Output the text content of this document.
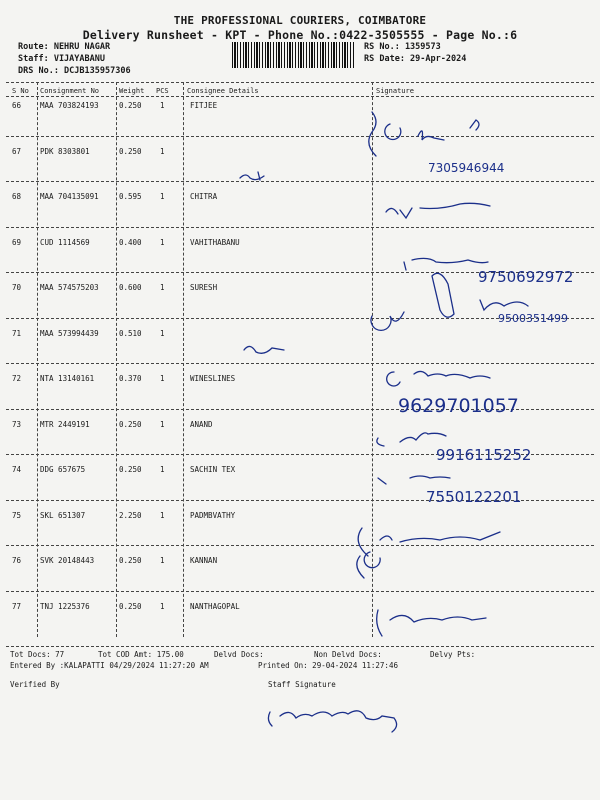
THE PROFESSIONAL COURIERS, COIMBATORE
Delivery Runsheet - KPT - Phone No.:0422-3505555 - Page No.:6
Route: NEHRU NAGAR
Staff: VIJAYABANU
DRS No.: DCJB135957306
RS No.: 1359573
RS Date: 29-Apr-2024
S No Consignment No	Weight PCS	Consignee Details	Signature
66	MAA 703824193	0.250 1	FITJEE
67	PDK 8303801	0.250 1
68	MAA 704135091	0.595 1	CHITRA
69	CUD 1114569	0.400 1	VAHITHABANU
70	MAA 574575203	0.600 1	SURESH
71	MAA 573994439	0.510 1
72	NTA 13140161	0.370 1	WINESLINES
73	MTR 2449191	0.250 1	ANAND
74	DDG 657675	0.250 1	SACHIN TEX
75	SKL 651307	2.250 1	PADMBVATHY
76	SVK 20148443	0.250 1	KANNAN
77	TNJ 1225376	0.250 1	NANTHAGOPAL
7305946944
9750692972
9500351499
9629701057
9916115252
7550122201
Tot Docs: 77	Tot COD Amt: 175.00	Delvd Docs:	Non Delvd Docs:	Delvy Pts:
Entered By :KALAPATTI 04/29/2024 11:27:20 AM	Printed On: 29-04-2024 11:27:46
Verified By	Staff Signature
